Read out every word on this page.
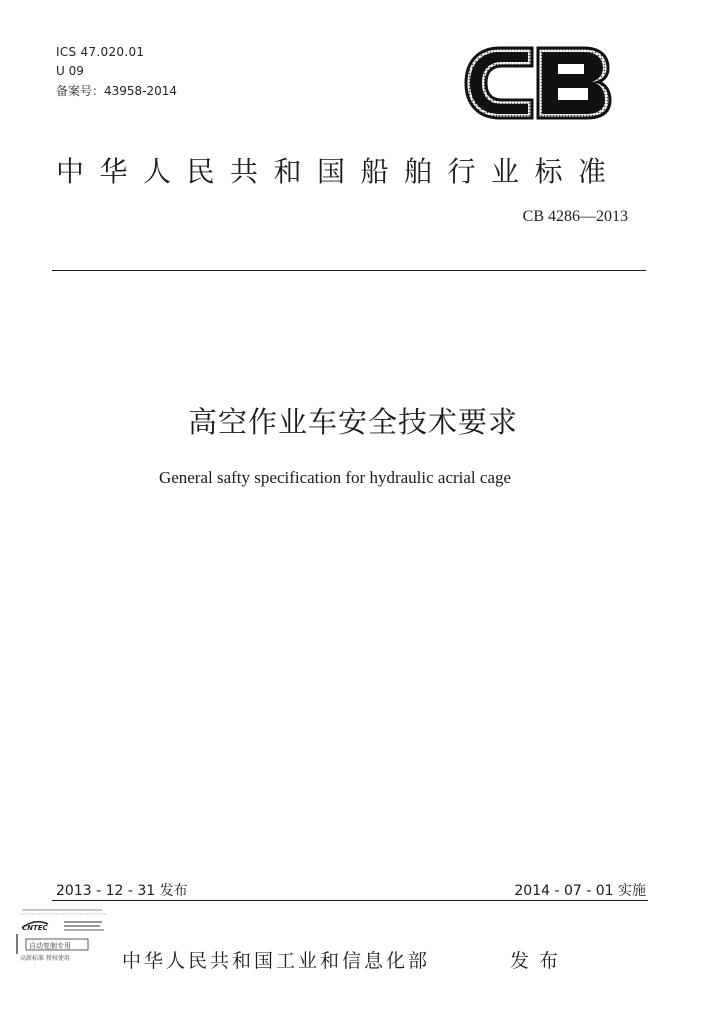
ICS 47.020.01
U 09
备案号：43958-2014
中华人民共和国船舶行业标准
CB 4286—2013
高空作业车安全技术要求
General safty specification for hydraulic acrial cage
2013 - 12 - 31 发布	2014 - 07 - 01 实施
CNTEC
自动复制专用
高新标准 授权使用	中华人民共和国工业和信息化部	发布
